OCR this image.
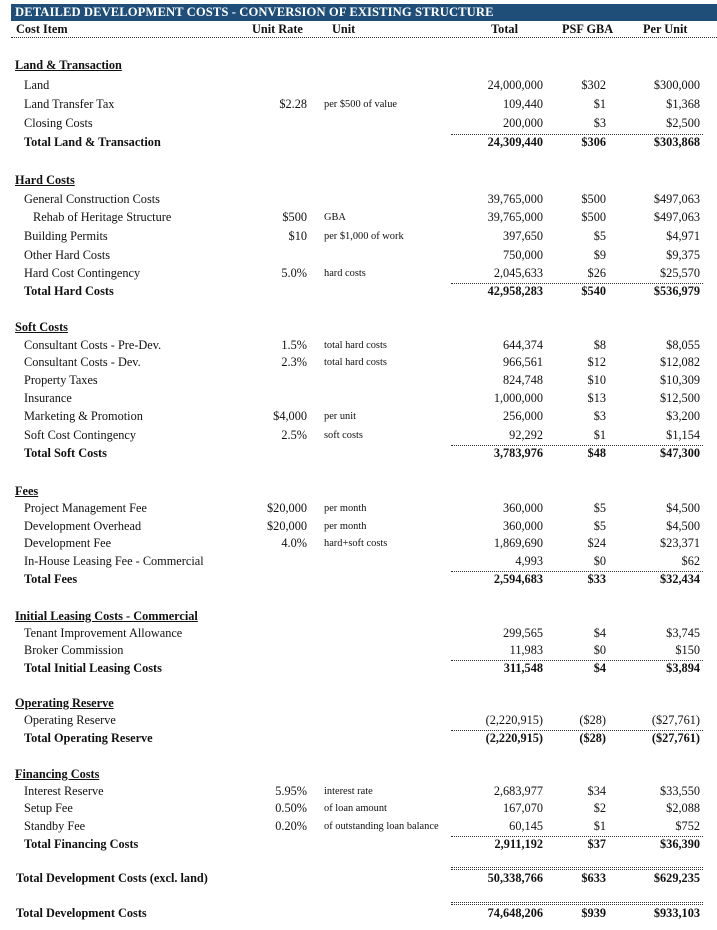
DETAILED DEVELOPMENT COSTS - CONVERSION OF EXISTING STRUCTURE
Cost Item	Unit Rate Unit	Total	PSF GBA Per Unit
Land & Transaction
Land	24,000,000	$302	$300,000
Land Transfer Tax	$2.28 per $500 of value	109,440	$1	$1,368
Closing Costs	200,000	$3	$2,500
Total Land & Transaction	24,309,440	$306	$303,868
Hard Costs
General Construction Costs	39,765,000	$500	$497,063
Rehab of Heritage Structure	$500 GBA	39,765,000	$500	$497,063
Building Permits	$10 per $1,000 of work	397,650	$5	$4,971
Other Hard Costs	750,000	$9	$9,375
Hard Cost Contingency	5.0% hard costs	2,045,633	$26	$25,570
Total Hard Costs	42,958,283	$540	$536,979
Soft Costs
Consultant Costs - Pre-Dev.	1.5% total hard costs	644,374	$8	$8,055
Consultant Costs - Dev.	2.3% total hard costs	966,561	$12	$12,082
Property Taxes	824,748	$10	$10,309
Insurance	1,000,000	$13	$12,500
Marketing & Promotion	$4,000 per unit	256,000	$3	$3,200
Soft Cost Contingency	2.5% soft costs	92,292	$1	$1,154
Total Soft Costs	3,783,976	$48	$47,300
Fees
Project Management Fee	$20,000 per month	360,000	$5	$4,500
Development Overhead	$20,000 per month	360,000	$5	$4,500
Development Fee	4.0% hard+soft costs	1,869,690	$24	$23,371
In-House Leasing Fee - Commercial	4,993	$0	$62
Total Fees	2,594,683	$33	$32,434
Initial Leasing Costs - Commercial
Tenant Improvement Allowance	299,565	$4	$3,745
Broker Commission	11,983	$0	$150
Total Initial Leasing Costs	311,548	$4	$3,894
Operating Reserve
Operating Reserve	(2,220,915)	($28)	($27,761)
Total Operating Reserve	(2,220,915)	($28)	($27,761)
Financing Costs
Interest Reserve	5.95% interest rate	2,683,977	$34	$33,550
Setup Fee	0.50% of loan amount	167,070	$2	$2,088
Standby Fee	0.20% of outstanding loan balance	60,145	$1	$752
Total Financing Costs	2,911,192	$37	$36,390
Total Development Costs (excl. land)	50,338,766	$633	$629,235
Total Development Costs	74,648,206	$939	$933,103
